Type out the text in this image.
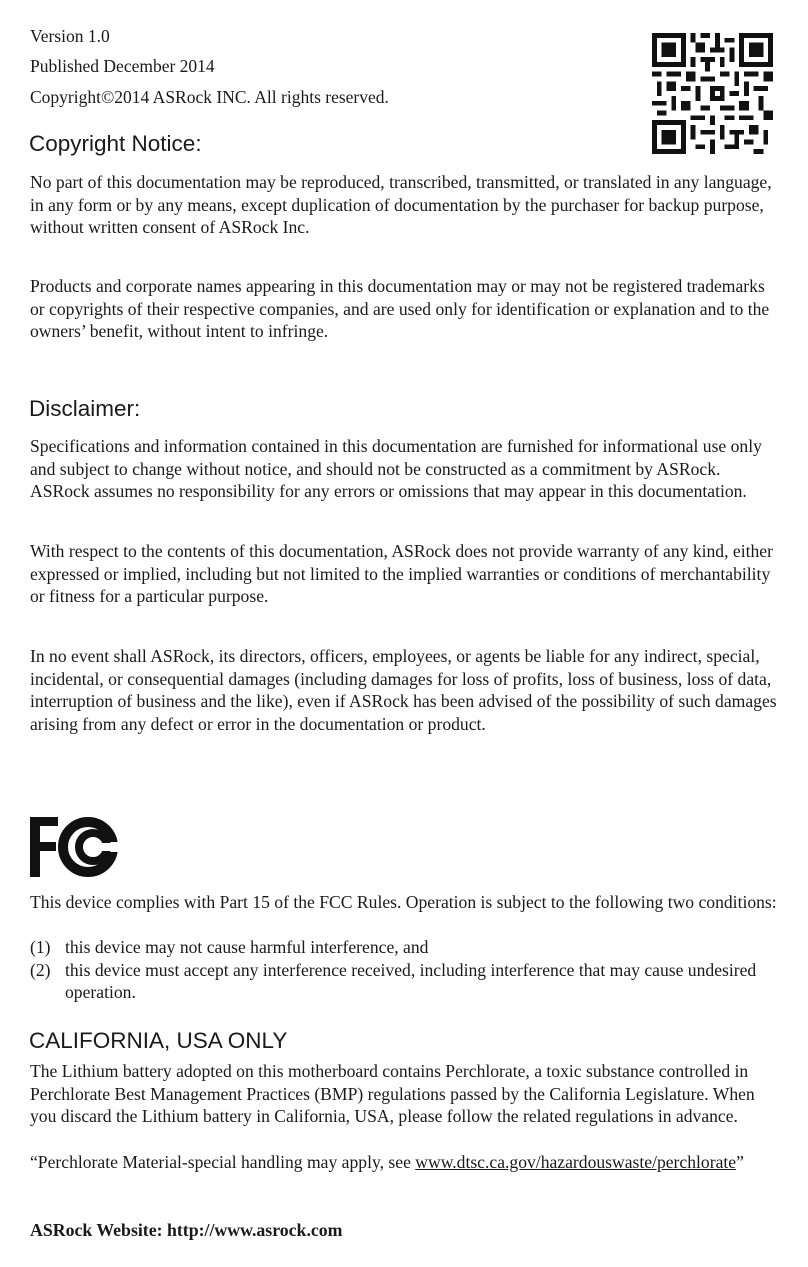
Version 1.0
Published December 2014
Copyright©2014 ASRock INC. All rights reserved.
Copyright Notice:

No part of this documentation may be reproduced, transcribed, transmitted, or translated in any language, in any form or by any means, except duplication of documentation by the purchaser for backup purpose, without written consent of ASRock Inc.

Products and corporate names appearing in this documentation may or may not be registered trademarks or copyrights of their respective companies, and are used only for identification or explanation and to the owners’ benefit, without intent to infringe.

Disclaimer:

Specifications and information contained in this documentation are furnished for informational use only and subject to change without notice, and should not be constructed as a commitment by ASRock. ASRock assumes no responsibility for any errors or omissions that may appear in this documentation.

With respect to the contents of this documentation, ASRock does not provide warranty of any kind, either expressed or implied, including but not limited to the implied warranties or conditions of merchantability or fitness for a particular purpose.

In no event shall ASRock, its directors, officers, employees, or agents be liable for any indirect, special, incidental, or consequential damages (including damages for loss of profits, loss of business, loss of data, interruption of business and the like), even if ASRock has been advised of the possibility of such damages arising from any defect or error in the documentation or product.

This device complies with Part 15 of the FCC Rules. Operation is subject to the following two conditions:

(1) this device may not cause harmful interference, and
(2) this device must accept any interference received, including interference that may cause undesired operation.
CALIFORNIA, USA ONLY

The Lithium battery adopted on this motherboard contains Perchlorate, a toxic substance controlled in Perchlorate Best Management Practices (BMP) regulations passed by the California Legislature. When you discard the Lithium battery in California, USA, please follow the related regulations in advance.

“Perchlorate Material-special handling may apply, see www.dtsc.ca.gov/hazardouswaste/perchlorate”

ASRock Website: http://www.asrock.com
